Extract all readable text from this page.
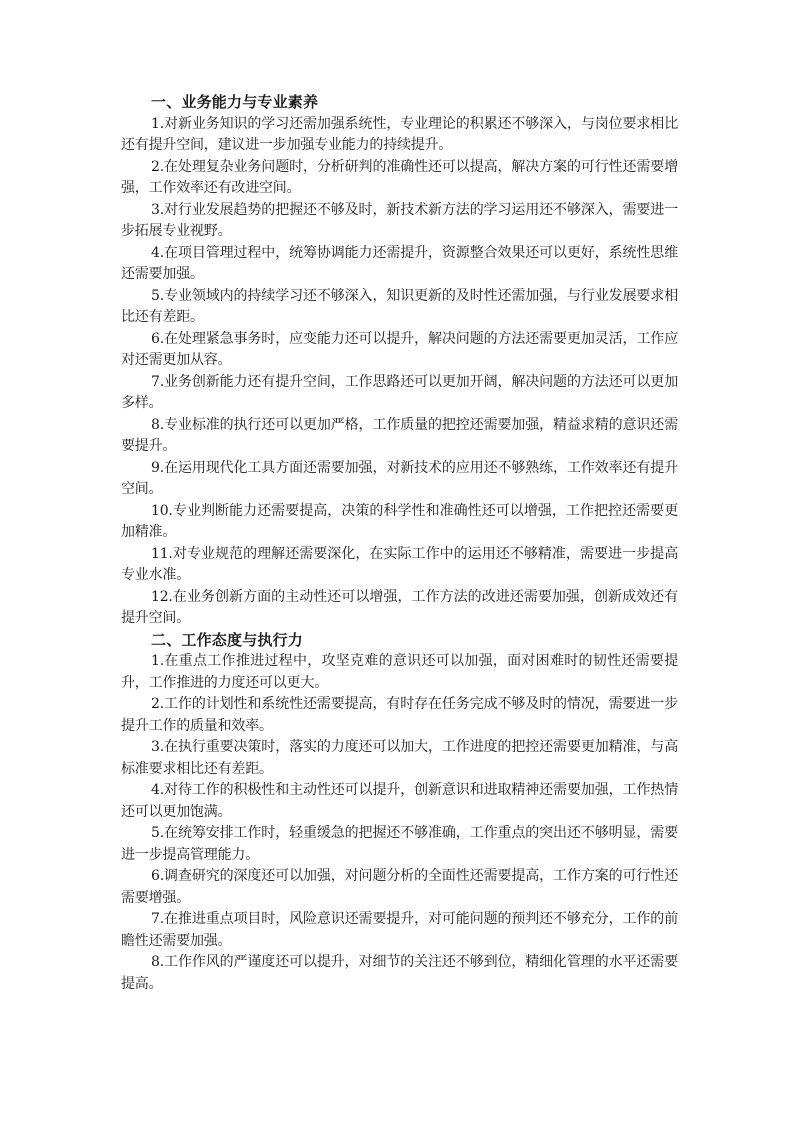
一、业务能力与专业素养

1.对新业务知识的学习还需加强系统性，专业理论的积累还不够深入，与岗位要求相比还有提升空间，建议进一步加强专业能力的持续提升。

2.在处理复杂业务问题时，分析研判的准确性还可以提高，解决方案的可行性还需要增强，工作效率还有改进空间。

3.对行业发展趋势的把握还不够及时，新技术新方法的学习运用还不够深入，需要进一步拓展专业视野。

4.在项目管理过程中，统筹协调能力还需提升，资源整合效果还可以更好，系统性思维还需要加强。

5.专业领域内的持续学习还不够深入，知识更新的及时性还需加强，与行业发展要求相比还有差距。

6.在处理紧急事务时，应变能力还可以提升，解决问题的方法还需要更加灵活，工作应对还需更加从容。

7.业务创新能力还有提升空间，工作思路还可以更加开阔，解决问题的方法还可以更加多样。

8.专业标准的执行还可以更加严格，工作质量的把控还需要加强，精益求精的意识还需要提升。

9.在运用现代化工具方面还需要加强，对新技术的应用还不够熟练，工作效率还有提升空间。

10.专业判断能力还需要提高，决策的科学性和准确性还可以增强，工作把控还需要更加精准。

11.对专业规范的理解还需要深化，在实际工作中的运用还不够精准，需要进一步提高专业水准。

12.在业务创新方面的主动性还可以增强，工作方法的改进还需要加强，创新成效还有提升空间。

二、工作态度与执行力

1.在重点工作推进过程中，攻坚克难的意识还可以加强，面对困难时的韧性还需要提升，工作推进的力度还可以更大。

2.工作的计划性和系统性还需要提高，有时存在任务完成不够及时的情况，需要进一步提升工作的质量和效率。

3.在执行重要决策时，落实的力度还可以加大，工作进度的把控还需要更加精准，与高标准要求相比还有差距。

4.对待工作的积极性和主动性还可以提升，创新意识和进取精神还需要加强，工作热情还可以更加饱满。

5.在统筹安排工作时，轻重缓急的把握还不够准确，工作重点的突出还不够明显，需要进一步提高管理能力。

6.调查研究的深度还可以加强，对问题分析的全面性还需要提高，工作方案的可行性还需要增强。

7.在推进重点项目时，风险意识还需要提升，对可能问题的预判还不够充分，工作的前瞻性还需要加强。

8.工作作风的严谨度还可以提升，对细节的关注还不够到位，精细化管理的水平还需要提高。
